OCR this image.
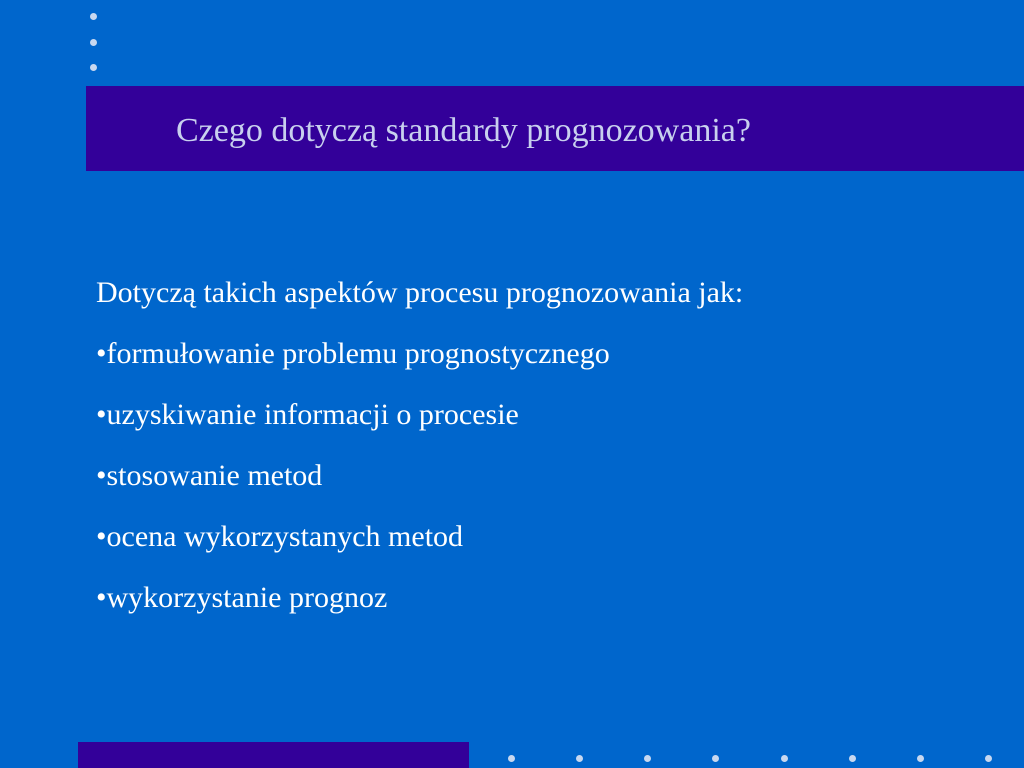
Czego dotyczą standardy prognozowania?
Dotyczą takich aspektów procesu prognozowania jak:
•formułowanie problemu prognostycznego
•uzyskiwanie informacji o procesie
•stosowanie metod
•ocena wykorzystanych metod
•wykorzystanie prognoz
